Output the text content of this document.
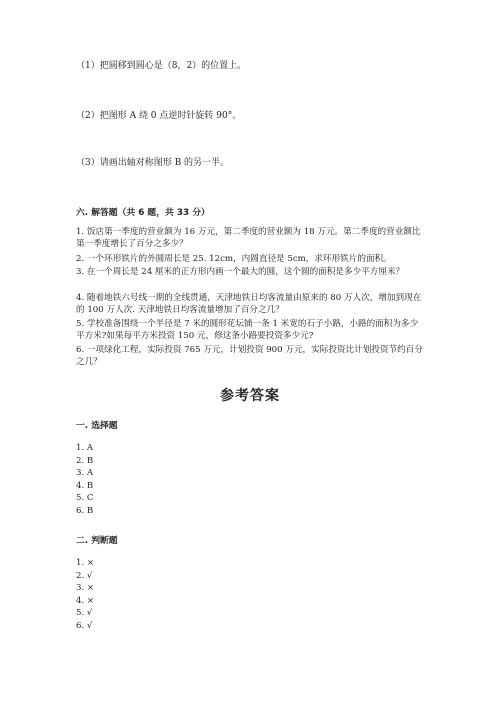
（1）把圆移到圆心是（8，2）的位置上。
（2）把图形 A 绕 0 点逆时针旋转 90°。
（3）请画出轴对称图形 B 的另一半。
六. 解答题（共 6 题，共 33 分）
1. 饭店第一季度的营业额为 16 万元，第二季度的营业额为 18 万元。第二季度的营业额比第一季度增长了百分之多少？
2. 一个环形铁片的外圆周长是 25. 12cm，内圆直径是 5cm，求环形铁片的面积。
3. 在一个周长是 24 厘米的正方形内画一个最大的圆，这个圆的面积是多少平方厘米？
4. 随着地铁六号线一期的全线贯通，天津地铁日均客流量由原来的 80 万人次，增加到现在的 100 万人次. 天津地铁日均客流量增加了百分之几？
5. 学校准备围绕一个半径是 7 米的圆形花坛铺一条 1 米宽的石子小路，小路的面积为多少平方米?如果每平方米投资 150 元，修这条小路要投资多少元?
6. 一项绿化工程，实际投资 765 万元，计划投资 900 万元，实际投资比计划投资节约百分之几？
参考答案
一. 选择题
1. A
2. B
3. A
4. B
5. C
6. B
二. 判断题
1. ×
2. √
3. ×
4. ×
5. √
6. √
